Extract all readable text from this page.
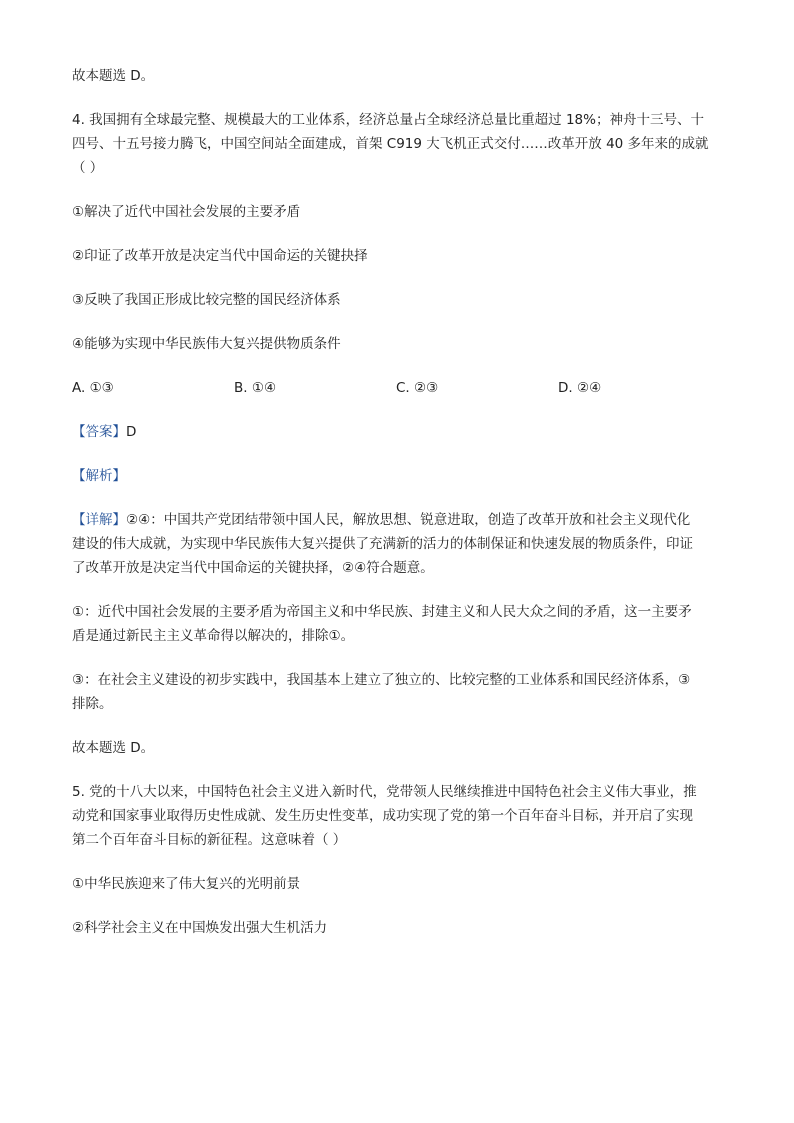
故本题选 D。

4. 我国拥有全球最完整、规模最大的工业体系，经济总量占全球经济总量比重超过 18%；神舟十三号、十

四号、十五号接力腾飞，中国空间站全面建成，首架 C919 大飞机正式交付……改革开放 40 多年来的成就

（ ）

①解决了近代中国社会发展的主要矛盾

②印证了改革开放是决定当代中国命运的关键抉择

③反映了我国正形成比较完整的国民经济体系

④能够为实现中华民族伟大复兴提供物质条件

A. ①③	B. ①④	C. ②③	D. ②④

【答案】D

【解析】

【详解】②④：中国共产党团结带领中国人民，解放思想、锐意进取，创造了改革开放和社会主义现代化

建设的伟大成就，为实现中华民族伟大复兴提供了充满新的活力的体制保证和快速发展的物质条件，印证

了改革开放是决定当代中国命运的关键抉择，②④符合题意。

①：近代中国社会发展的主要矛盾为帝国主义和中华民族、封建主义和人民大众之间的矛盾，这一主要矛

盾是通过新民主主义革命得以解决的，排除①。

③：在社会主义建设的初步实践中，我国基本上建立了独立的、比较完整的工业体系和国民经济体系，③

排除。

故本题选 D。

5. 党的十八大以来，中国特色社会主义进入新时代，党带领人民继续推进中国特色社会主义伟大事业，推

动党和国家事业取得历史性成就、发生历史性变革，成功实现了党的第一个百年奋斗目标，并开启了实现

第二个百年奋斗目标的新征程。这意味着（ ）

①中华民族迎来了伟大复兴的光明前景

②科学社会主义在中国焕发出强大生机活力
